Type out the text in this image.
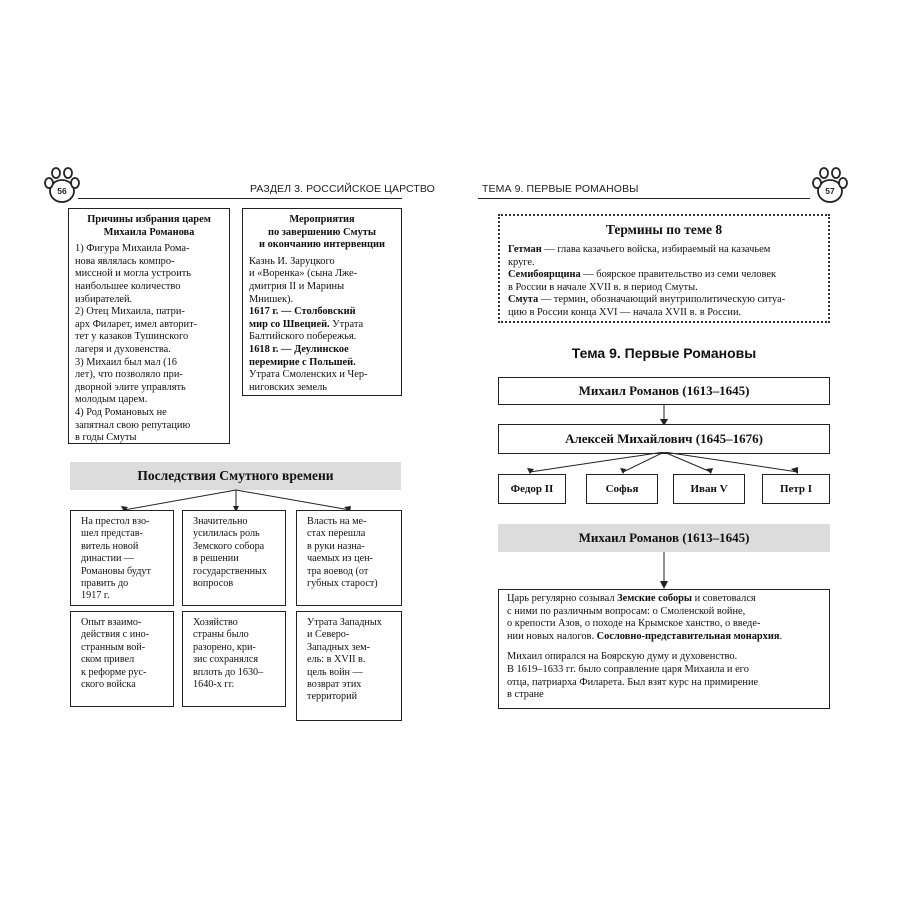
56	РАЗДЕЛ 3. РОССИЙСКОЕ ЦАРСТВО
Причины избрания царем
Михаила Романова
1) Фигура Михаила Рома-
нова являлась компро-
миссной и могла устроить
наибольшее количество
избирателей.
2) Отец Михаила, патри-
арх Филарет, имел авторит-
тет у казаков Тушинского
лагеря и духовенства.
3) Михаил был мал (16
лет), что позволяло при-
дворной элите управлять
молодым царем.
4) Род Романовых не
запятнал свою репутацию
в годы Смуты
Мероприятия
по завершению Смуты
и окончанию интервенции
Казнь И. Заруцкого
и «Воренка» (сына Лже-
дмитрия II и Марины
Мнишек).
1617 г. — Столбовский
мир со Швецией. Утрата
Балтийского побережья.
1618 г. — Деулинское
перемирие с Польшей.
Утрата Смоленских и Чер-
ниговских земель
Последствия Смутного времени
На престол взо-
шел представ-
витель новой
династии —
Романовы будут
править до
1917 г.
Значительно
усилилась роль
Земского собора
в решении
государственных
вопросов
Власть на ме-
стах перешла
в руки назна-
чаемых из цен-
тра воевод (от
губных старост)
Опыт взаимо-
действия с ино-
странным вой-
ском привел
к реформе рус-
ского войска
Хозяйство
страны было
разорено, кри-
зис сохранялся
вплоть до 1630–
1640-х гг.
Утрата Западных
и Северо-
Западных зем-
ель: в XVII в.
цель войн —
возврат этих
территорий
ТЕМА 9. ПЕРВЫЕ РОМАНОВЫ	57
Термины по теме 8
Гетман — глава казачьего войска, избираемый на казачьем
круге.
Семибоярщина — боярское правительство из семи человек
в России в начале XVII в. в период Смуты.
Смута — термин, обозначающий внутриполитическую ситуа-
цию в России конца XVI — начала XVII в. в России.
Тема 9. Первые Романовы
Михаил Романов (1613–1645)
Алексей Михайлович (1645–1676)
Федор II	Софья	Иван V	Петр I
Михаил Романов (1613–1645)
Царь регулярно созывал Земские соборы и советовался
с ними по различным вопросам: о Смоленской войне,
о крепости Азов, о походе на Крымское ханство, о введе-
нии новых налогов. Сословно-представительная монархия.
Михаил опирался на Боярскую думу и духовенство.
В 1619–1633 гг. было соправление царя Михаила и его
отца, патриарха Филарета. Был взят курс на примирение
в стране
